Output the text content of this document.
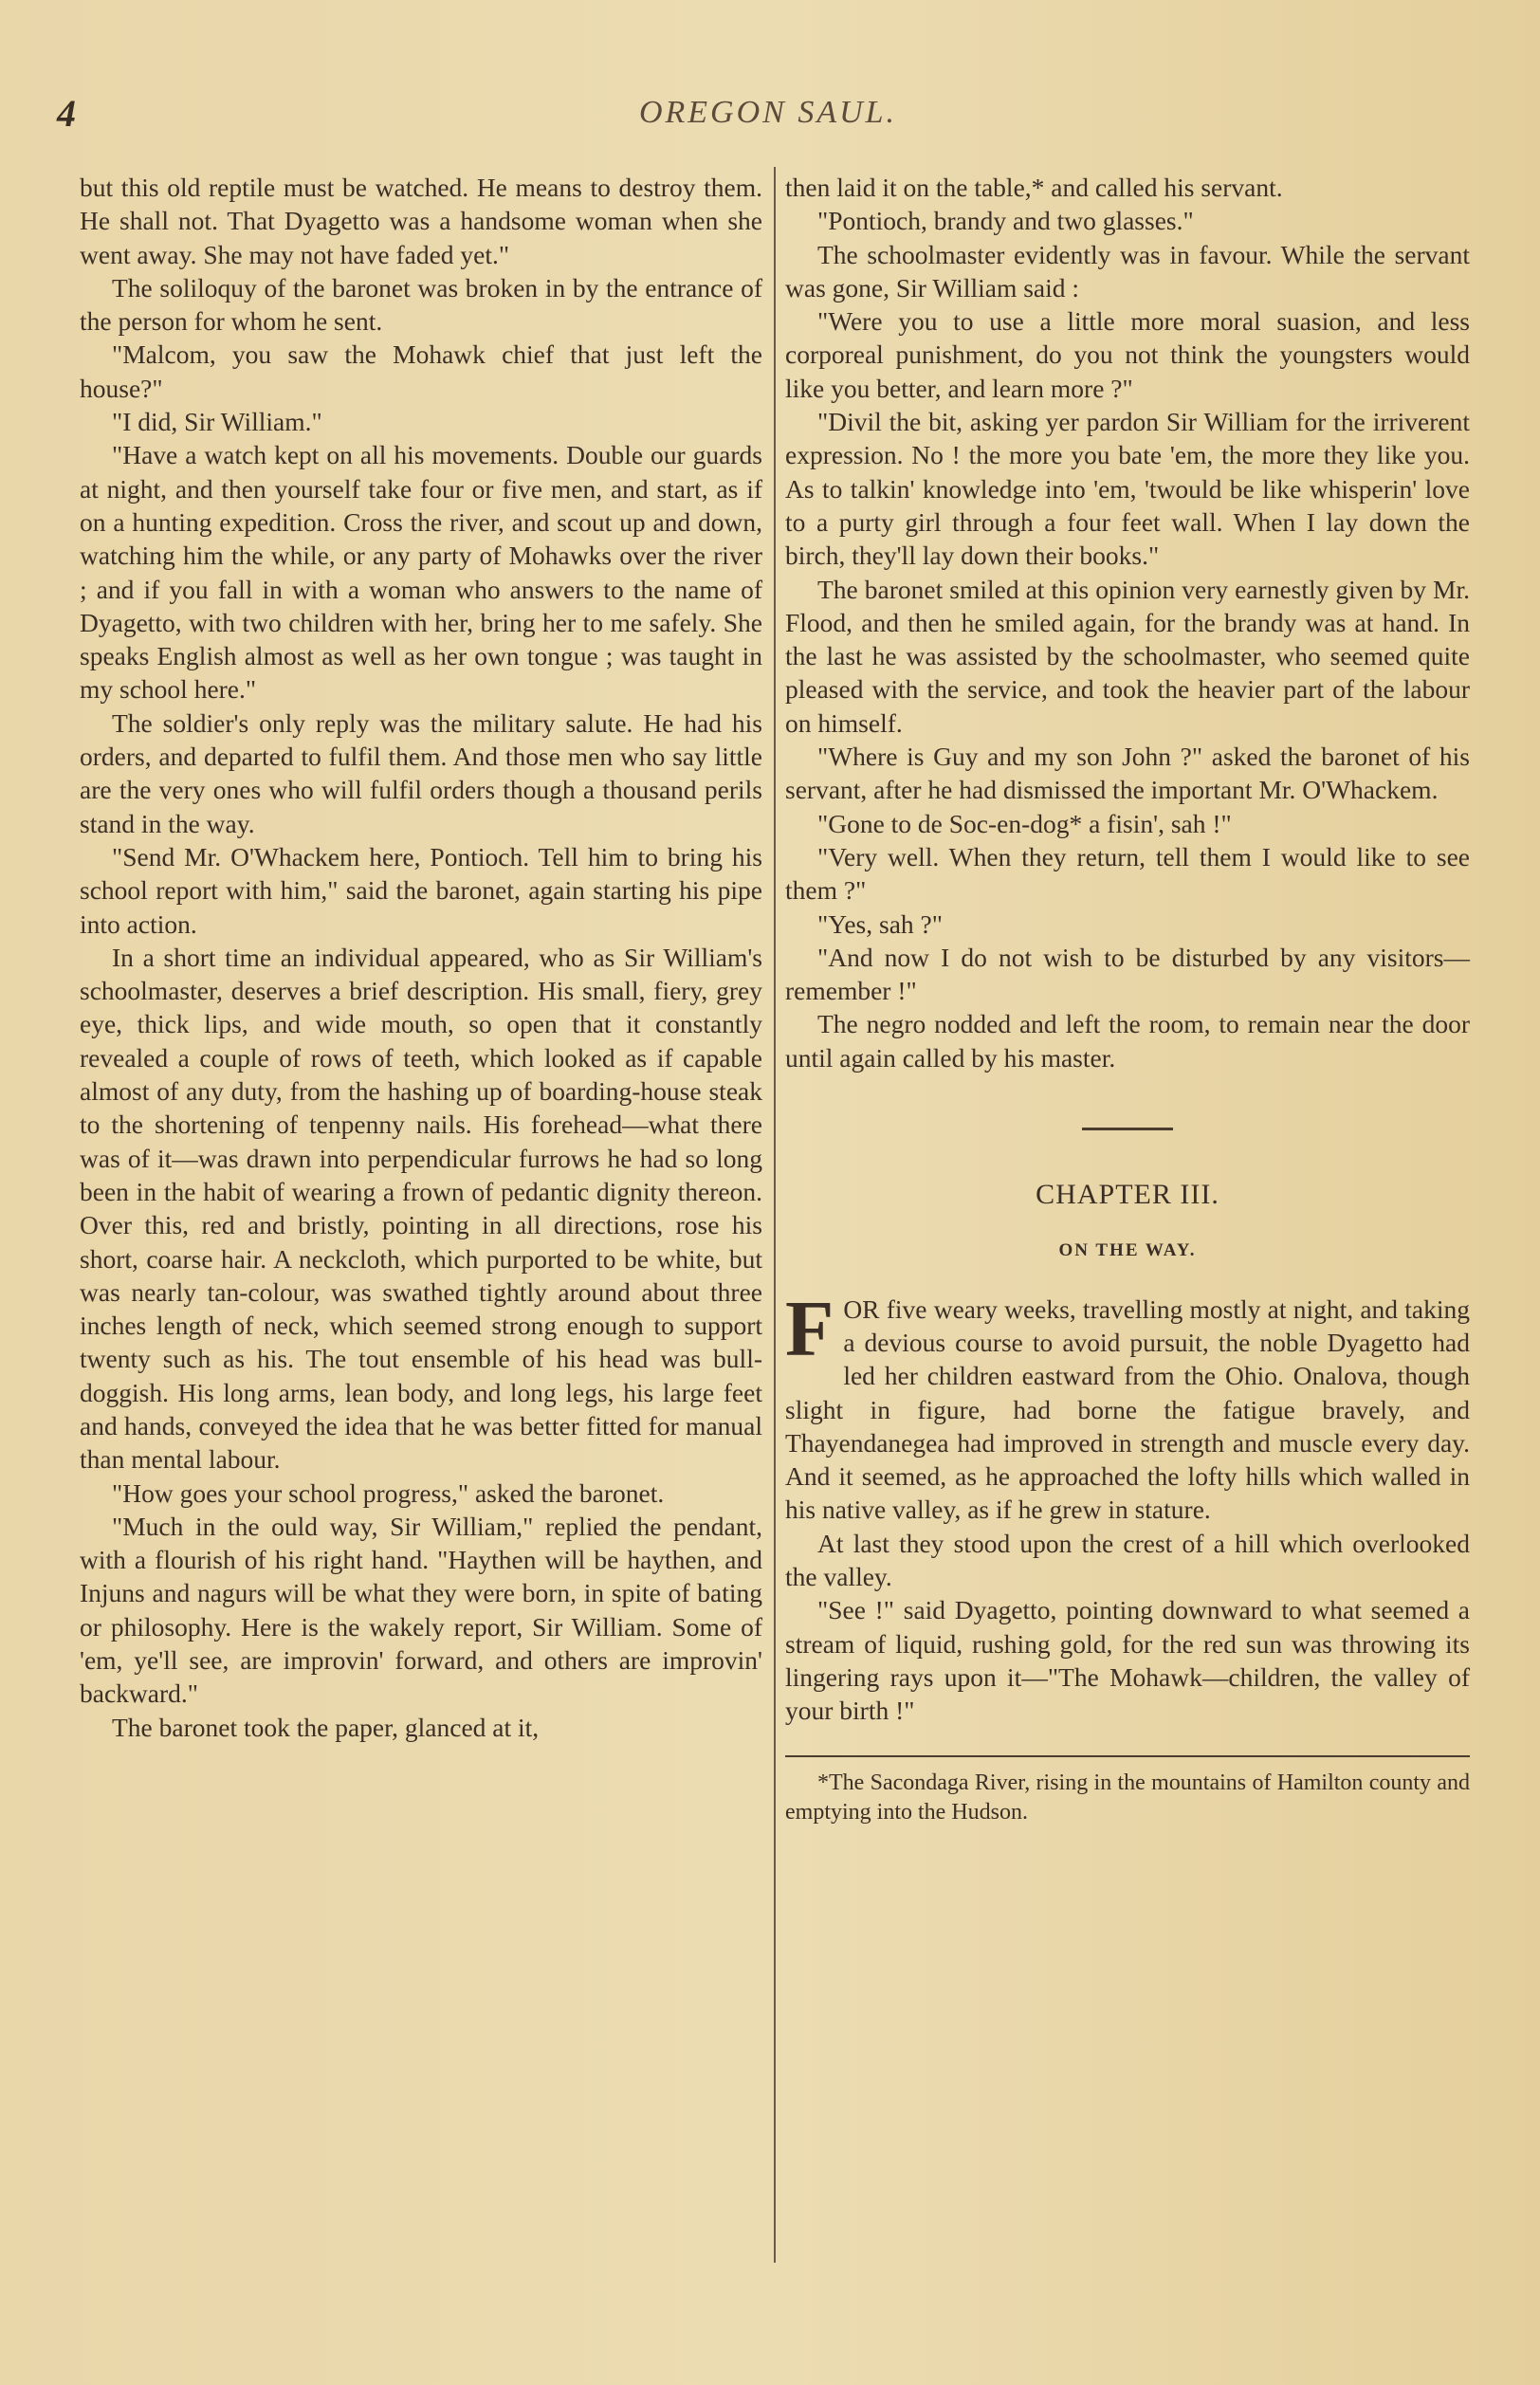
4	OREGON SAUL.

but this old reptile must be watched. He means to destroy them. He shall not. That Dyagetto was a handsome woman when she went away. She may not have faded yet."

The soliloquy of the baronet was broken in by the entrance of the person for whom he sent.

"Malcom, you saw the Mohawk chief that just left the house?"

"I did, Sir William."

"Have a watch kept on all his movements. Double our guards at night, and then yourself take four or five men, and start, as if on a hunting expedition. Cross the river, and scout up and down, watching him the while, or any party of Mohawks over the river ; and if you fall in with a woman who answers to the name of Dyagetto, with two children with her, bring her to me safely. She speaks English almost as well as her own tongue ; was taught in my school here."

The soldier's only reply was the military salute. He had his orders, and departed to fulfil them. And those men who say little are the very ones who will fulfil orders though a thousand perils stand in the way.

"Send Mr. O'Whackem here, Pontioch. Tell him to bring his school report with him," said the baronet, again starting his pipe into action.

In a short time an individual appeared, who as Sir William's schoolmaster, deserves a brief description. His small, fiery, grey eye, thick lips, and wide mouth, so open that it constantly revealed a couple of rows of teeth, which looked as if capable almost of any duty, from the hashing up of boarding-house steak to the shortening of tenpenny nails. His forehead—what there was of it—was drawn into perpendicular furrows he had so long been in the habit of wearing a frown of pedantic dignity thereon. Over this, red and bristly, pointing in all directions, rose his short, coarse hair. A neckcloth, which purported to be white, but was nearly tan-colour, was swathed tightly around about three inches length of neck, which seemed strong enough to support twenty such as his. The tout ensemble of his head was bull-doggish. His long arms, lean body, and long legs, his large feet and hands, conveyed the idea that he was better fitted for manual than mental labour.

"How goes your school progress," asked the baronet.

"Much in the ould way, Sir William," replied the pendant, with a flourish of his right hand. "Haythen will be haythen, and Injuns and nagurs will be what they were born, in spite of bating or philosophy. Here is the wakely report, Sir William. Some of 'em, ye'll see, are improvin' forward, and others are improvin' backward."

The baronet took the paper, glanced at it,

then laid it on the table,* and called his servant.

"Pontioch, brandy and two glasses."

The schoolmaster evidently was in favour. While the servant was gone, Sir William said :

"Were you to use a little more moral suasion, and less corporeal punishment, do you not think the youngsters would like you better, and learn more ?"

"Divil the bit, asking yer pardon Sir William for the irriverent expression. No ! the more you bate 'em, the more they like you. As to talkin' knowledge into 'em, 'twould be like whisperin' love to a purty girl through a four feet wall. When I lay down the birch, they'll lay down their books."

The baronet smiled at this opinion very earnestly given by Mr. Flood, and then he smiled again, for the brandy was at hand. In the last he was assisted by the schoolmaster, who seemed quite pleased with the service, and took the heavier part of the labour on himself.

"Where is Guy and my son John ?" asked the baronet of his servant, after he had dismissed the important Mr. O'Whackem.

"Gone to de Soc-en-dog* a fisin', sah !"

"Very well. When they return, tell them I would like to see them ?"

"Yes, sah ?"

"And now I do not wish to be disturbed by any visitors—remember !"

The negro nodded and left the room, to remain near the door until again called by his master.

CHAPTER III.
ON THE WAY.

FOR five weary weeks, travelling mostly at night, and taking a devious course to avoid pursuit, the noble Dyagetto had led her children eastward from the Ohio. Onalova, though slight in figure, had borne the fatigue bravely, and Thayendanegea had improved in strength and muscle every day. And it seemed, as he approached the lofty hills which walled in his native valley, as if he grew in stature.

At last they stood upon the crest of a hill which overlooked the valley.

"See !" said Dyagetto, pointing downward to what seemed a stream of liquid, rushing gold, for the red sun was throwing its lingering rays upon it—"The Mohawk—children, the valley of your birth !"

*The Sacondaga River, rising in the mountains of Hamilton county and emptying into the Hudson.
